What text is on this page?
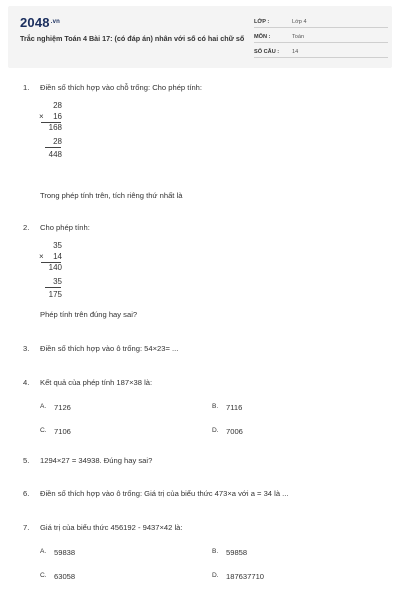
$2048^{.vn}$
Trắc nghiệm Toán 4 Bài 17: (có đáp án) nhân với số có hai chữ số
LỚP :	Lớp 4
MÔN :	Toán
SỐ CÂU : 14
1.	Điền số thích hợp vào chỗ trống: Cho phép tính:
28
× 16
168
28
448
Trong phép tính trên, tích riêng thứ nhất là
2.	Cho phép tính:
35
× 14
140
35
175
Phép tính trên đúng hay sai?
3.	Điền số thích hợp vào ô trống: 54×23= ...
4.	Kết quả của phép tính 187×38 là:
A. 7126	B. 7116
C. 7106	D. 7006
5.	1294×27 = 34938. Đúng hay sai?
6.	Điền số thích hợp vào ô trống: Giá trị của biểu thức 473×a với a = 34 là ...
7.	Giá trị của biểu thức 456192 - 9437×42 là:
A. 59838	B. 59858
C. 63058	D. 187637710
